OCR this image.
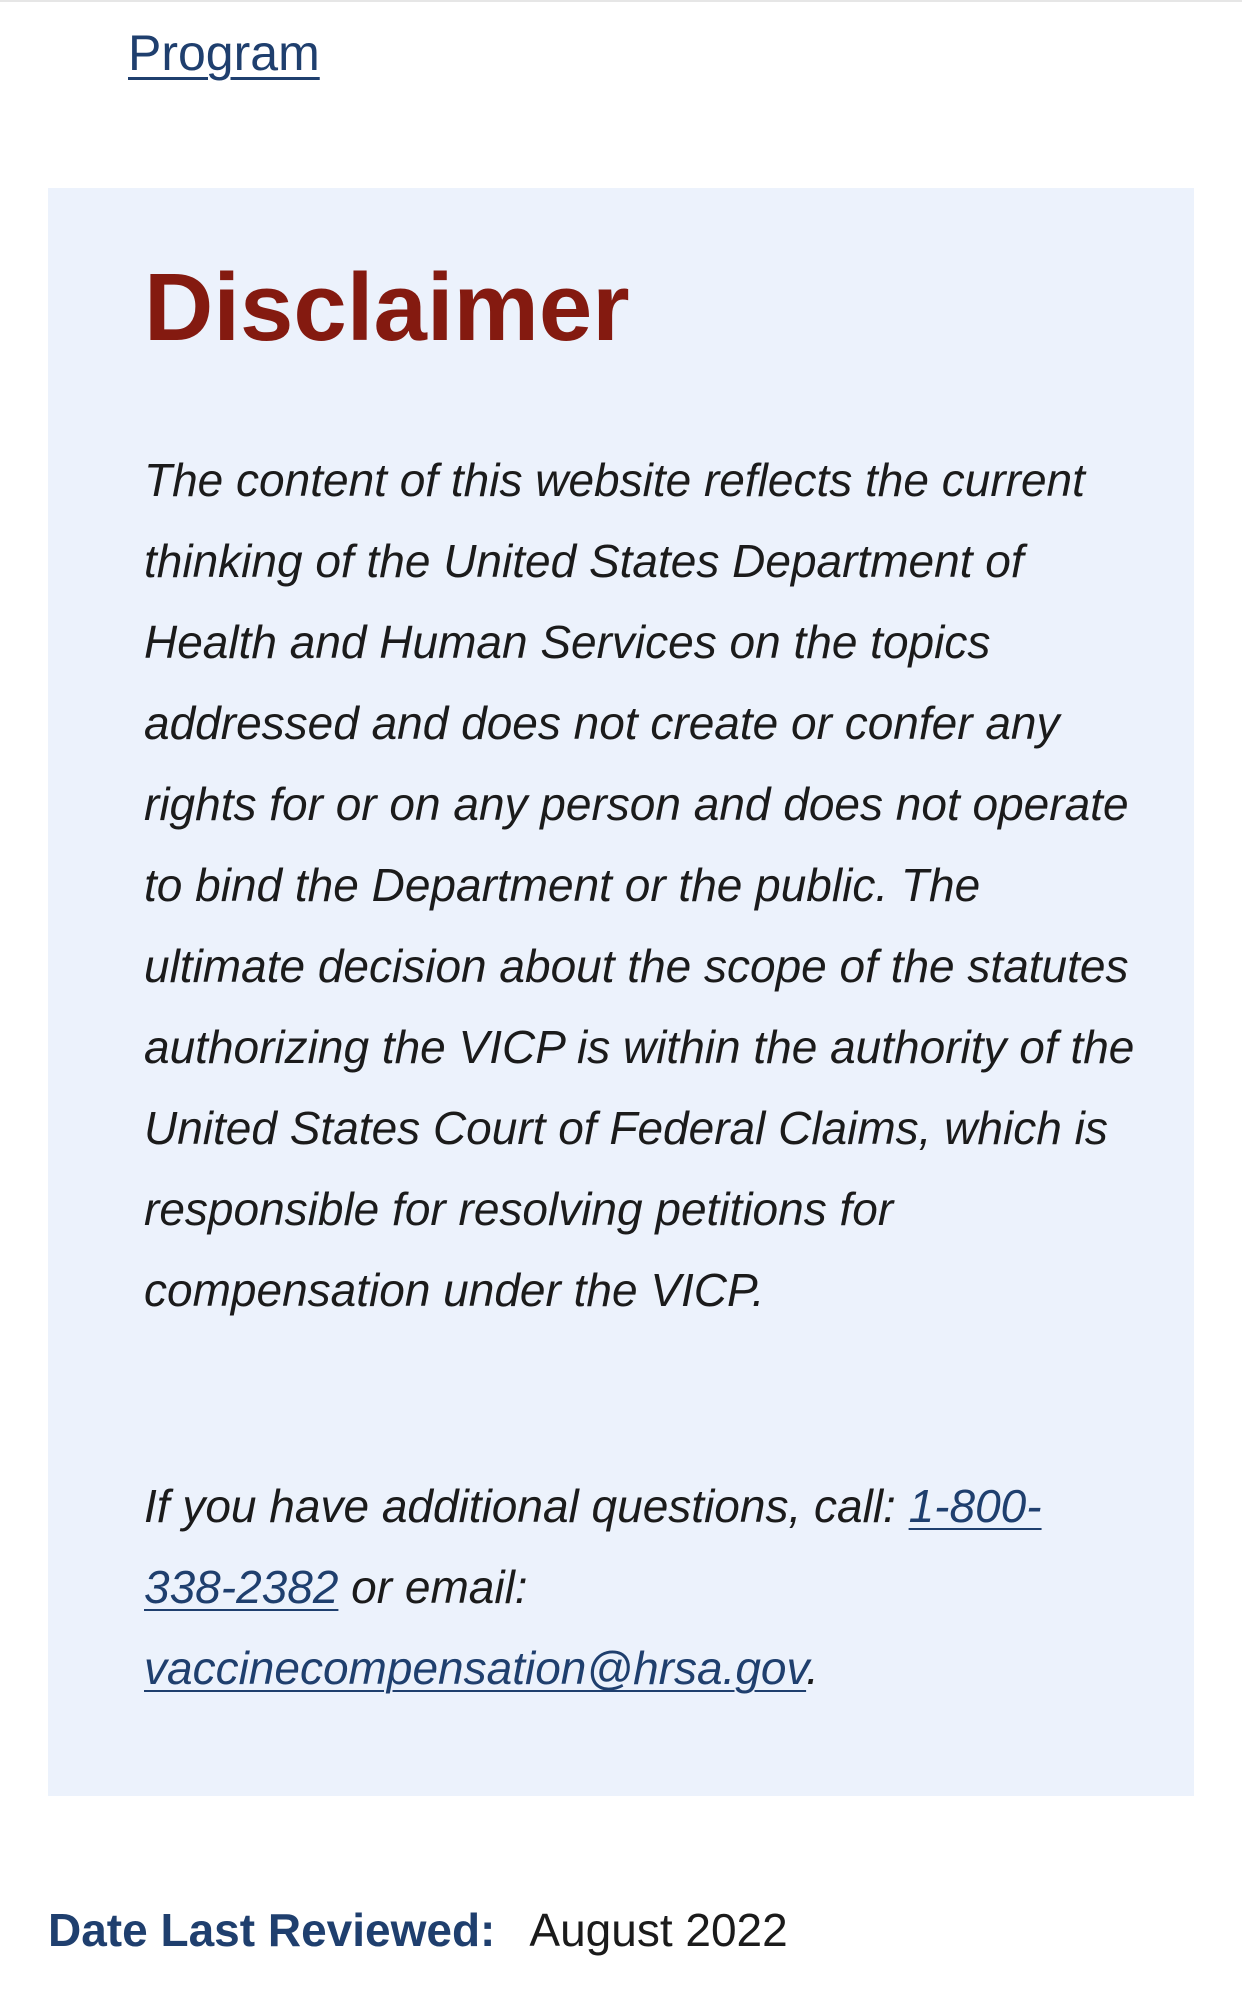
Program
Disclaimer

The content of this website reflects the current thinking of the United States Department of Health and Human Services on the topics addressed and does not create or confer any rights for or on any person and does not operate to bind the Department or the public. The ultimate decision about the scope of the statutes authorizing the VICP is within the authority of the United States Court of Federal Claims, which is responsible for resolving petitions for compensation under the VICP.

If you have additional questions, call: 1-800-338-2382 or email: vaccinecompensation@hrsa.gov.

Date Last Reviewed: August 2022
